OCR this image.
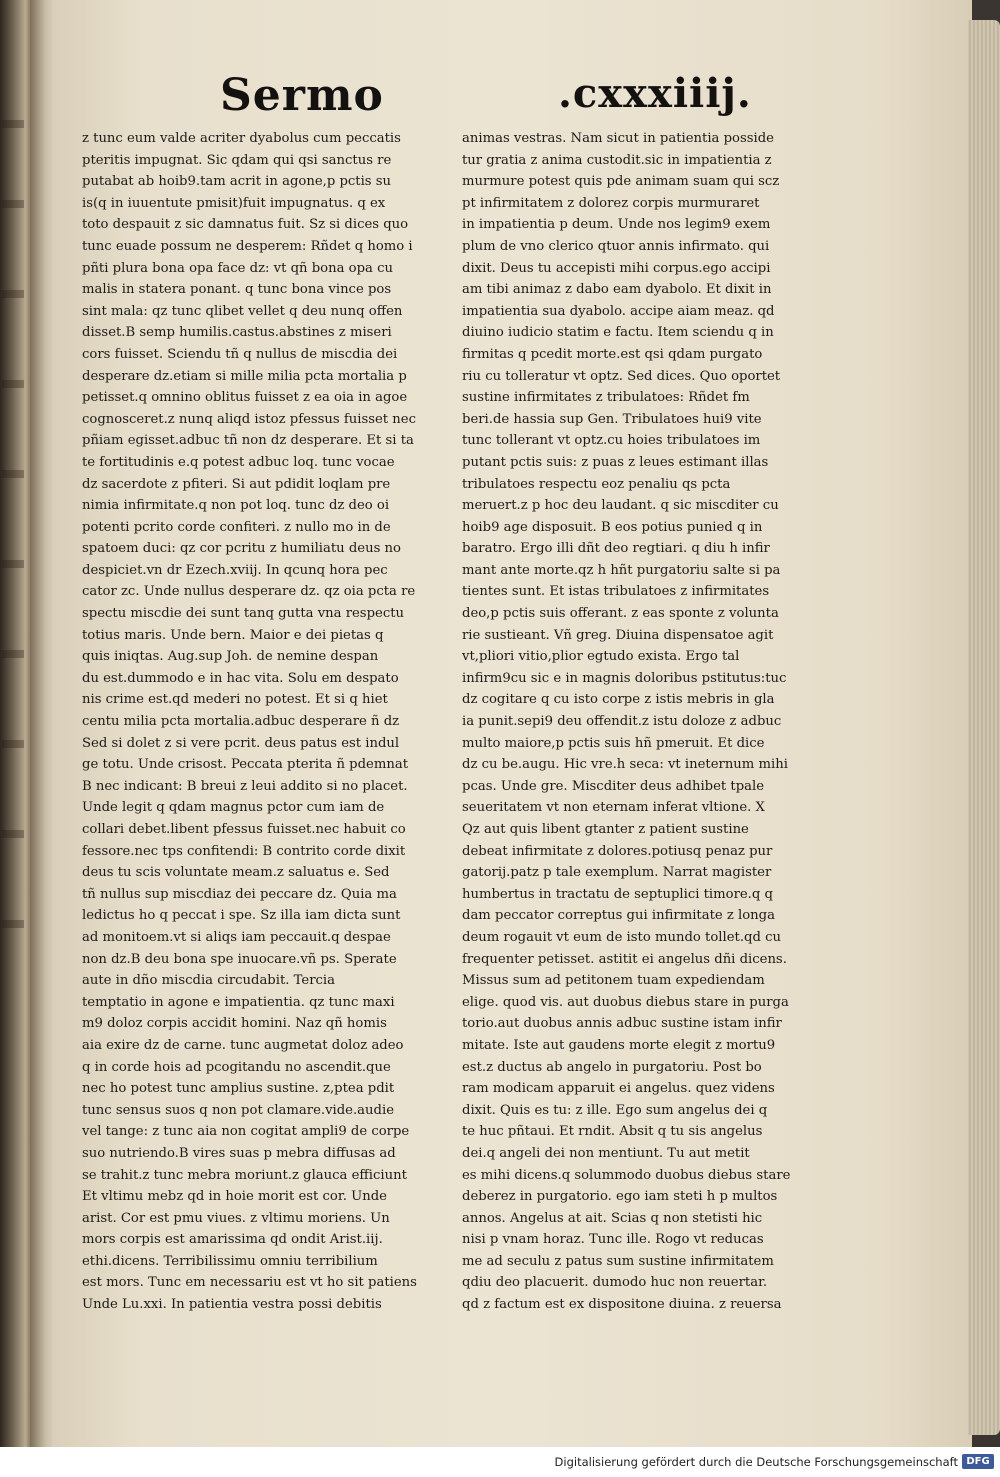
Sermo	.cxxxiiij.
z tunc eum valde acriter dyabolus cum peccatis
pteritis impugnat. Sic qdam qui qsi sanctus re
putabat ab hoib9.tam acrit in agone,p pctis su
is(q in iuuentute pmisit)fuit impugnatus. q ex
toto despauit z sic damnatus fuit. Sz si dices quo
tunc euade possum ne desperem: Rñdet q homo i
pñti plura bona opa face dz: vt qñ bona opa cu
malis in statera ponant. q tunc bona vince pos
sint mala: qz tunc qlibet vellet q deu nunq offen
disset.B semp humilis.castus.abstines z miseri
cors fuisset. Sciendu tñ q nullus de miscdia dei
desperare dz.etiam si mille milia pcta mortalia p
petisset.q omnino oblitus fuisset z ea oia in agoe
cognosceret.z nunq aliqd istoz pfessus fuisset nec
pñiam egisset.adbuc tñ non dz desperare. Et si ta
te fortitudinis e.q potest adbuc loq. tunc vocae
dz sacerdote z pfiteri. Si aut pdidit loqlam pre
nimia infirmitate.q non pot loq. tunc dz deo oi
potenti pcrito corde confiteri. z nullo mo in de
spatoem duci: qz cor pcritu z humiliatu deus no
despiciet.vn dr Ezech.xviij. In qcunq hora pec
cator zc. Unde nullus desperare dz. qz oia pcta re
spectu miscdie dei sunt tanq gutta vna respectu
totius maris. Unde bern. Maior e dei pietas q
quis iniqtas. Aug.sup Joh. de nemine despan
du est.dummodo e in hac vita. Solu em despato
nis crime est.qd mederi no potest. Et si q hiet
centu milia pcta mortalia.adbuc desperare ñ dz
Sed si dolet z si vere pcrit. deus patus est indul
ge totu. Unde crisost. Peccata pterita ñ pdemnat
B nec indicant: B breui z leui addito si no placet.
Unde legit q qdam magnus pctor cum iam de
collari debet.libent pfessus fuisset.nec habuit co
fessore.nec tps confitendi: B contrito corde dixit
deus tu scis voluntate meam.z saluatus e. Sed
tñ nullus sup miscdiaz dei peccare dz. Quia ma
ledictus ho q peccat i spe. Sz illa iam dicta sunt
ad monitoem.vt si aliqs iam peccauit.q despae
non dz.B deu bona spe inuocare.vñ ps. Sperate
aute in dño miscdia circudabit. Tercia
temptatio in agone e impatientia. qz tunc maxi
m9 doloz corpis accidit homini. Naz qñ homis
aia exire dz de carne. tunc augmetat doloz adeo
q in corde hois ad pcogitandu no ascendit.que
nec ho potest tunc amplius sustine. z,ptea pdit
tunc sensus suos q non pot clamare.vide.audie
vel tange: z tunc aia non cogitat ampli9 de corpe
suo nutriendo.B vires suas p mebra diffusas ad
se trahit.z tunc mebra moriunt.z glauca efficiunt
Et vltimu mebz qd in hoie morit est cor. Unde
arist. Cor est pmu viues. z vltimu moriens. Un
mors corpis est amarissima qd ondit Arist.iij.
ethi.dicens. Terribilissimu omniu terribilium
est mors. Tunc em necessariu est vt ho sit patiens
Unde Lu.xxi. In patientia vestra possi debitis
animas vestras. Nam sicut in patientia posside
tur gratia z anima custodit.sic in impatientia z
murmure potest quis pde animam suam qui scz
pt infirmitatem z dolorez corpis murmuraret
in impatientia p deum. Unde nos legim9 exem
plum de vno clerico qtuor annis infirmato. qui
dixit. Deus tu accepisti mihi corpus.ego accipi
am tibi animaz z dabo eam dyabolo. Et dixit in
impatientia sua dyabolo. accipe aiam meaz. qd
diuino iudicio statim e factu. Item sciendu q in
firmitas q pcedit morte.est qsi qdam purgato
riu cu tolleratur vt optz. Sed dices. Quo oportet
sustine infirmitates z tribulatoes: Rñdet fm
beri.de hassia sup Gen. Tribulatoes hui9 vite
tunc tollerant vt optz.cu hoies tribulatoes im
putant pctis suis: z puas z leues estimant illas
tribulatoes respectu eoz penaliu qs pcta
meruert.z p hoc deu laudant. q sic miscditer cu
hoib9 age disposuit. B eos potius punied q in
baratro. Ergo illi dñt deo regtiari. q diu h infir
mant ante morte.qz h hñt purgatoriu salte si pa
tientes sunt. Et istas tribulatoes z infirmitates
deo,p pctis suis offerant. z eas sponte z volunta
rie sustieant. Vñ greg. Diuina dispensatoe agit
vt,pliori vitio,plior egtudo exista. Ergo tal
infirm9cu sic e in magnis doloribus pstitutus:tuc
dz cogitare q cu isto corpe z istis mebris in gla
ia punit.sepi9 deu offendit.z istu doloze z adbuc
multo maiore,p pctis suis hñ pmeruit. Et dice
dz cu be.augu. Hic vre.h seca: vt ineternum mihi
pcas. Unde gre. Miscditer deus adhibet tpale
seueritatem vt non eternam inferat vltione. X
Qz aut quis libent gtanter z patient sustine
debeat infirmitate z dolores.potiusq penaz pur
gatorij.patz p tale exemplum. Narrat magister
humbertus in tractatu de septuplici timore.q q
dam peccator correptus gui infirmitate z longa
deum rogauit vt eum de isto mundo tollet.qd cu
frequenter petisset. astitit ei angelus dñi dicens.
Missus sum ad petitonem tuam expediendam
elige. quod vis. aut duobus diebus stare in purga
torio.aut duobus annis adbuc sustine istam infir
mitate. Iste aut gaudens morte elegit z mortu9
est.z ductus ab angelo in purgatoriu. Post bo
ram modicam apparuit ei angelus. quez videns
dixit. Quis es tu: z ille. Ego sum angelus dei q
te huc pñtaui. Et rndit. Absit q tu sis angelus
dei.q angeli dei non mentiunt. Tu aut metit
es mihi dicens.q solummodo duobus diebus stare
deberez in purgatorio. ego iam steti h p multos
annos. Angelus at ait. Scias q non stetisti hic
nisi p vnam horaz. Tunc ille. Rogo vt reducas
me ad seculu z patus sum sustine infirmitatem
qdiu deo placuerit. dumodo huc non reuertar.
qd z factum est ex dispositone diuina. z reuersa
Digitalisierung gefördert durch die Deutsche Forschungsgemeinschaft DFG
